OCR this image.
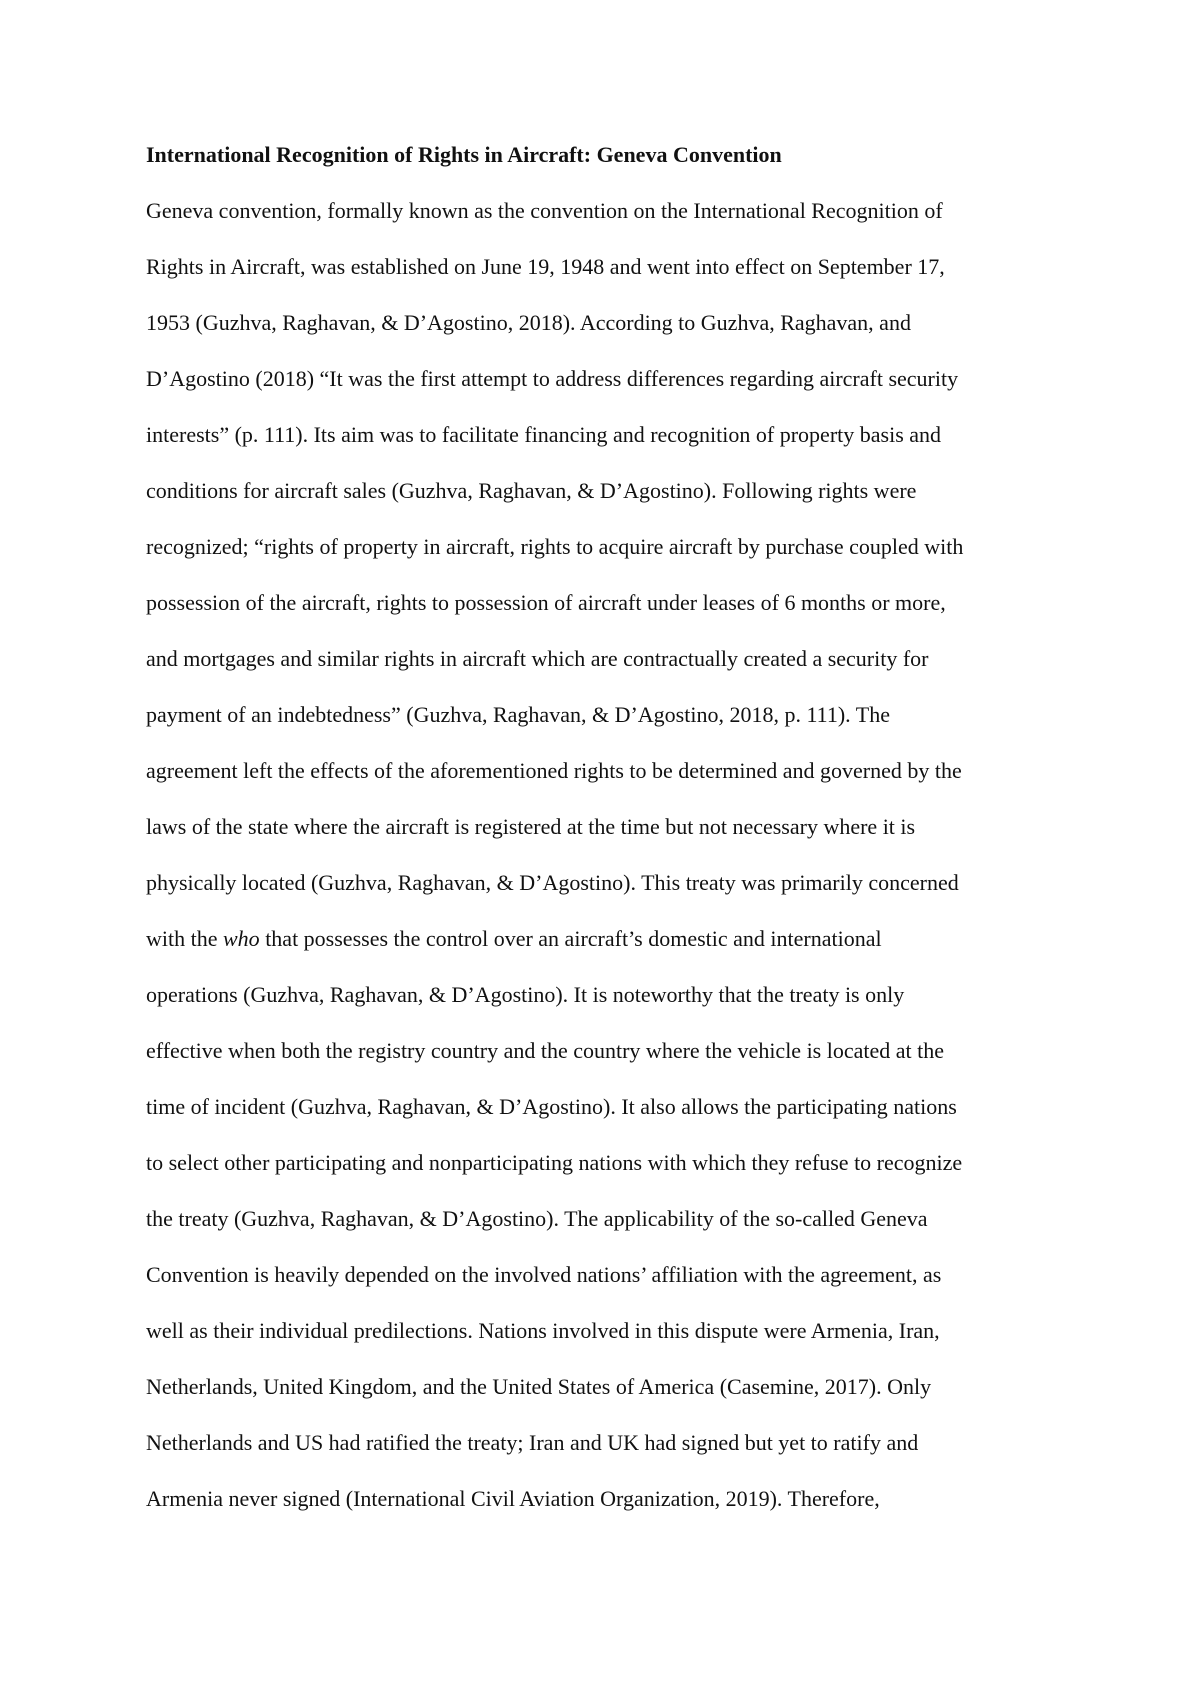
International Recognition of Rights in Aircraft: Geneva Convention
Geneva convention, formally known as the convention on the International Recognition of
Rights in Aircraft, was established on June 19, 1948 and went into effect on September 17,
1953 (Guzhva, Raghavan, & D’Agostino, 2018). According to Guzhva, Raghavan, and
D’Agostino (2018) “It was the first attempt to address differences regarding aircraft security
interests” (p. 111). Its aim was to facilitate financing and recognition of property basis and
conditions for aircraft sales (Guzhva, Raghavan, & D’Agostino). Following rights were
recognized; “rights of property in aircraft, rights to acquire aircraft by purchase coupled with
possession of the aircraft, rights to possession of aircraft under leases of 6 months or more,
and mortgages and similar rights in aircraft which are contractually created a security for
payment of an indebtedness” (Guzhva, Raghavan, & D’Agostino, 2018, p. 111). The
agreement left the effects of the aforementioned rights to be determined and governed by the
laws of the state where the aircraft is registered at the time but not necessary where it is
physically located (Guzhva, Raghavan, & D’Agostino). This treaty was primarily concerned
with the who that possesses the control over an aircraft’s domestic and international
operations (Guzhva, Raghavan, & D’Agostino). It is noteworthy that the treaty is only
effective when both the registry country and the country where the vehicle is located at the
time of incident (Guzhva, Raghavan, & D’Agostino). It also allows the participating nations
to select other participating and nonparticipating nations with which they refuse to recognize
the treaty (Guzhva, Raghavan, & D’Agostino). The applicability of the so-called Geneva
Convention is heavily depended on the involved nations’ affiliation with the agreement, as
well as their individual predilections. Nations involved in this dispute were Armenia, Iran,
Netherlands, United Kingdom, and the United States of America (Casemine, 2017). Only
Netherlands and US had ratified the treaty; Iran and UK had signed but yet to ratify and
Armenia never signed (International Civil Aviation Organization, 2019). Therefore,
